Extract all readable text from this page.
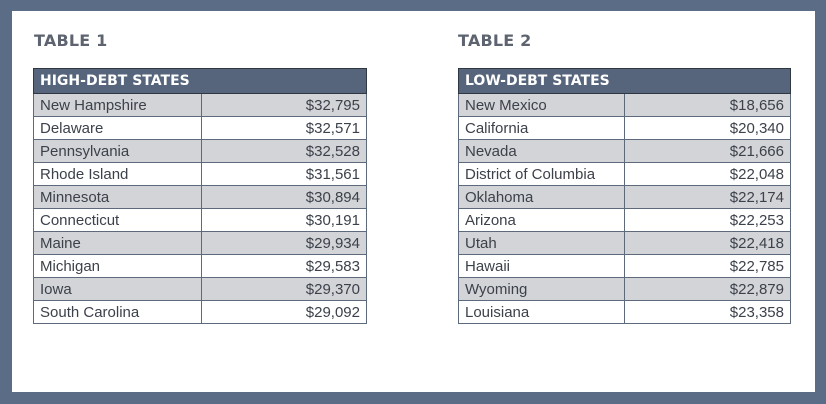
TABLE 1
HIGH-DEBT STATES	
New Hampshire	$32,795
Delaware	$32,571
Pennsylvania	$32,528
Rhode Island	$31,561
Minnesota	$30,894
Connecticut	$30,191
Maine	$29,934
Michigan	$29,583
Iowa	$29,370
South Carolina	$29,092
TABLE 2
LOW-DEBT STATES	
New Mexico	$18,656
California	$20,340
Nevada	$21,666
District of Columbia	$22,048
Oklahoma	$22,174
Arizona	$22,253
Utah	$22,418
Hawaii	$22,785
Wyoming	$22,879
Louisiana	$23,358
